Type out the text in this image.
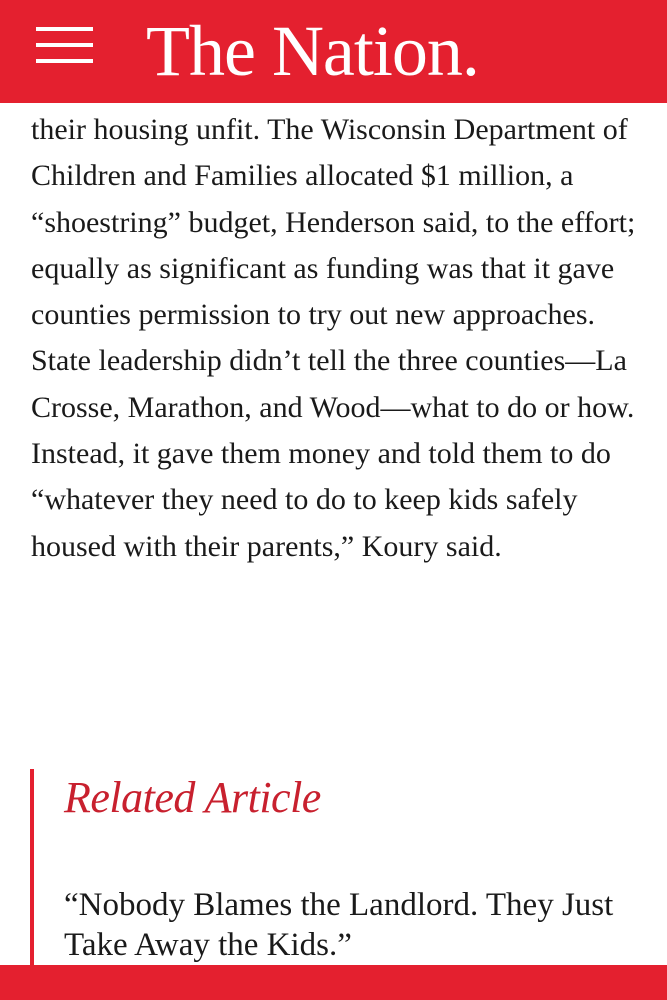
The Nation.

their housing unfit. The Wisconsin Department of Children and Families allocated $1 million, a “shoestring” budget, Henderson said, to the effort; equally as significant as funding was that it gave counties permission to try out new approaches. State leadership didn’t tell the three counties—La Crosse, Marathon, and Wood—what to do or how. Instead, it gave them money and told them to do “whatever they need to do to keep kids safely housed with their parents,” Koury said.

Related Article
“Nobody Blames the Landlord. They Just Take Away the Kids.”
